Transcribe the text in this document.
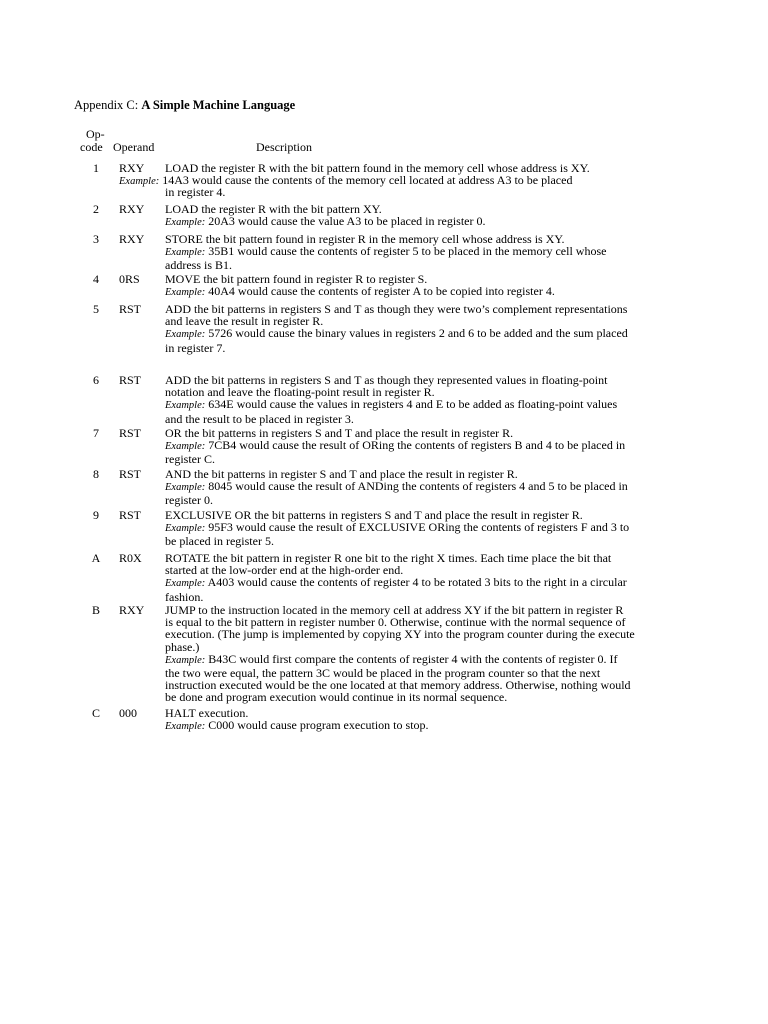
Appendix C: A Simple Machine Language
Op-
code Operand	Description
1	RXY LOAD the register R with the bit pattern found in the memory cell whose address is XY.
Example: 14A3 would cause the contents of the memory cell located at address A3 to be placed
in register 4.
2	RXY LOAD the register R with the bit pattern XY.
Example: 20A3 would cause the value A3 to be placed in register 0.
3	RXY STORE the bit pattern found in register R in the memory cell whose address is XY.
Example: 35B1 would cause the contents of register 5 to be placed in the memory cell whose
address is B1.
4	0RS MOVE the bit pattern found in register R to register S.
Example: 40A4 would cause the contents of register A to be copied into register 4.
5	RST ADD the bit patterns in registers S and T as though they were two’s complement representations
and leave the result in register R.
Example: 5726 would cause the binary values in registers 2 and 6 to be added and the sum placed
in register 7.
6	RST ADD the bit patterns in registers S and T as though they represented values in floating-point
notation and leave the floating-point result in register R.
Example: 634E would cause the values in registers 4 and E to be added as floating-point values
and the result to be placed in register 3.
7	RST OR the bit patterns in registers S and T and place the result in register R.
Example: 7CB4 would cause the result of ORing the contents of registers B and 4 to be placed in
register C.
8	RST AND the bit patterns in register S and T and place the result in register R.
Example: 8045 would cause the result of ANDing the contents of registers 4 and 5 to be placed in
register 0.
9	RST EXCLUSIVE OR the bit patterns in registers S and T and place the result in register R.
Example: 95F3 would cause the result of EXCLUSIVE ORing the contents of registers F and 3 to
be placed in register 5.
A	R0X ROTATE the bit pattern in register R one bit to the right X times. Each time place the bit that
started at the low-order end at the high-order end.
Example: A403 would cause the contents of register 4 to be rotated 3 bits to the right in a circular
fashion.
B	RXY JUMP to the instruction located in the memory cell at address XY if the bit pattern in register R
is equal to the bit pattern in register number 0. Otherwise, continue with the normal sequence of
execution. (The jump is implemented by copying XY into the program counter during the execute
phase.)
Example: B43C would first compare the contents of register 4 with the contents of register 0. If
the two were equal, the pattern 3C would be placed in the program counter so that the next
instruction executed would be the one located at that memory address. Otherwise, nothing would
be done and program execution would continue in its normal sequence.
C	000 HALT execution.
Example: C000 would cause program execution to stop.
